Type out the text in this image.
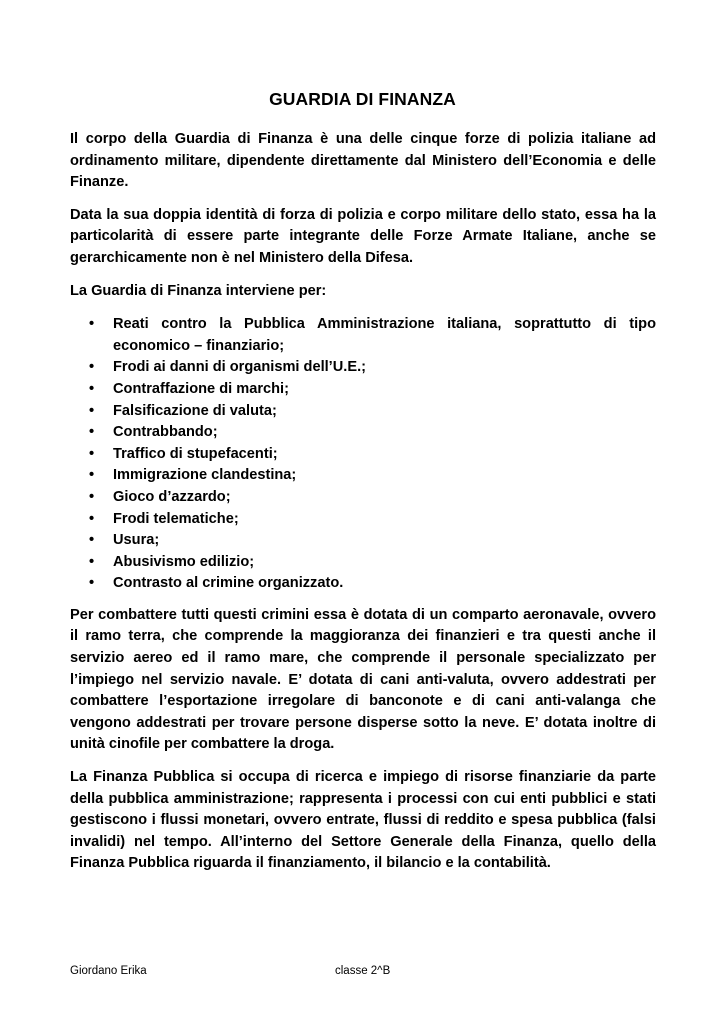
GUARDIA DI FINANZA

Il corpo della Guardia di Finanza è una delle cinque forze di polizia italiane ad ordinamento militare, dipendente direttamente dal Ministero dell’Economia e delle Finanze.

Data la sua doppia identità di forza di polizia e corpo militare dello stato, essa ha la particolarità di essere parte integrante delle Forze Armate Italiane, anche se gerarchicamente non è nel Ministero della Difesa.

La Guardia di Finanza interviene per:

• Reati contro la Pubblica Amministrazione italiana, soprattutto di tipo economico – finanziario;
• Frodi ai danni di organismi dell’U.E.;
• Contraffazione di marchi;
• Falsificazione di valuta;
• Contrabbando;
• Traffico di stupefacenti;
• Immigrazione clandestina;
• Gioco d’azzardo;
• Frodi telematiche;
• Usura;
• Abusivismo edilizio;
• Contrasto al crimine organizzato.

Per combattere tutti questi crimini essa è dotata di un comparto aeronavale, ovvero il ramo terra, che comprende la maggioranza dei finanzieri e tra questi anche il servizio aereo ed il ramo mare, che comprende il personale specializzato per l’impiego nel servizio navale. E’ dotata di cani anti-valuta, ovvero addestrati per combattere l’esportazione irregolare di banconote e di cani anti-valanga che vengono addestrati per trovare persone disperse sotto la neve. E’ dotata inoltre di unità cinofile per combattere la droga.

La Finanza Pubblica si occupa di ricerca e impiego di risorse finanziarie da parte della pubblica amministrazione; rappresenta i processi con cui enti pubblici e stati gestiscono i flussi monetari, ovvero entrate, flussi di reddito e spesa pubblica (falsi invalidi) nel tempo. All’interno del Settore Generale della Finanza, quello della Finanza Pubblica riguarda il finanziamento, il bilancio e la contabilità.

Giordano Erika	classe 2^B
